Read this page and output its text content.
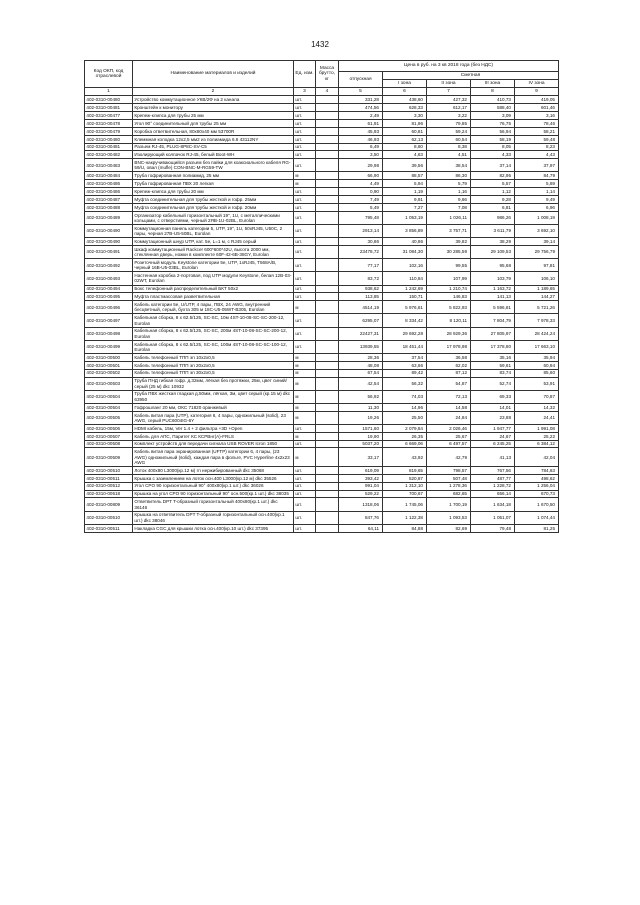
1432
Код ОКП, код отраслевой	Наименование материалов и изделий	Ед. изм.	Масса брутто, кг	Цена в руб. на 3 кв 2018 года (без НДС)				
				отпускная	Сметная			
					I зона	II зона	III зона	IV зона
1	2	3	4	5	6	7	8	9
402-0310-00480	Устройство коммутационное УКВ/2Ф на 2 канала	шт.		331,28	438,60	427,32	410,73	419,05
402-0310-00481	Кронштейн к монитору	шт.		474,56	628,33	612,17	588,40	601,46
402-0310-00477	Крепеж-клипса для трубы 25 мм	шт.		2,49	3,30	3,22	3,09	3,16
402-0310-00478	Угол 90° соединительный для трубы 25 мм	шт.		61,91	81,96	79,85	76,75	78,46
402-0310-00479	Коробка ответвительная, 80х80х40 мм 53700R	шт.		45,93	60,81	59,24	56,94	58,21
402-0310-00480	Клеммная колодка 12х2,5 мм2 из полиамида 6.6 43112NY	шт.		46,93	62,13	60,54	58,19	59,48
402-0310-00481	Разъем RJ-45, PLUG-8P8C-SV-C5	шт.		6,49	8,60	8,38	8,05	8,23
402-0310-00482	Изолирующий колпачок RJ-45, белый Boot-WH	шт.		3,50	4,63	4,51	4,33	4,43
402-0310-00483	BNC-накручивающийся разъем без пайки для коаксиального кабеля RG-59/U, овал (mufle) CON-BNC-M-RG59-TW	шт.		29,98	39,56	38,54	37,14	37,97
402-0310-00484	Труба гофрированная полиамид, 25 мм	м		66,90	88,57	86,30	82,95	84,79
402-0310-00486	Труба гофрированная ПВХ 20 легкая	м		4,49	5,94	5,79	5,57	5,69
402-0310-00486	Крепеж-клипса для трубы 20 мм	шт.		0,90	1,19	1,16	1,12	1,14
402-0310-00487	Муфта соединительная для трубы жесткой и гофр. 25мм	шт.		7,49	9,91	9,66	9,28	9,49
402-0310-00488	Муфта соединительная для трубы жесткой и гофр. 20мм	шт.		5,49	7,27	7,08	6,81	6,96
402-0310-00489	Организатор кабельный горизонтальный 19", 1U, с металлическими кольцами, с отверстиями, черный 2ЯВ-1U-02BL, Eurolan	шт.		795,48	1 053,19	1 026,11	986,26	1 008,19
402-0310-00490	Коммутационная панель категории 5, UTP, 19", 1U, 50xRJ45, U50C, 2 пары, черная 27B-U5-50BL, Eurolan	шт.		2913,14	3 856,89	3 757,71	3 611,79	3 692,10
402-0310-00490	Коммутационный шнур UTP, кат. 5е, L=1 м, с RJ45 серый	шт.		30,86	40,86	39,82	38,29	39,14
402-0310-00491	Шкаф коммутационный Rackcer 600*600*42U, высота 2000 мм, стеклянная дверь, ножки в комплекте 60F-42-6B-38GY, Eurolan	шт.		23478,72	31 084,30	30 285,59	29 109,53	29 756,79
402-0310-00492	Розеточный модуль Keystone категории 5е, UTP, 1xRJ45, T568A/B, черный 16B-U5-03BL, Eurolan	шт.		77,17	102,16	99,55	95,68	97,81
402-0310-00493	Настенная коробка 2-портовая, под UTP модули Keystone, белая 12B-03-02WT, Eurolan	шт.		83,72	110,84	107,99	103,79	106,10
402-0310-00494	Бокс телефонный распределительный БКТ 50х2	шт.		938,62	1 242,69	1 210,74	1 163,72	1 189,65
402-0310-00495	Муфта пластмассовая разветвительная	шт.		113,85	150,71	146,83	141,13	144,27
402-0310-00496	Кабель категории 5е, U/UTP, 4 пары, ПВХ, 24 AWG, внутренний бесцветный, серый, бухта 305 м 18C-U5-05WT-B305, Eurolan	м		4514,19	5 976,61	5 822,93	5 596,81	5 721,26
402-0310-00497	Кабельная сборка, 8 х 62.5/125, SC-SC, 10м 4ST-10-08-SC-SC-200-12, Eurolan	шт.		6295,07	8 334,42	8 120,11	7 804,79	7 978,33
402-0310-00498	Кабельная сборка, 8 х 62.5/125, SC-SC, 200м 4ST-10-08-SC-SC-200-12, Eurolan	шт.		22427,31	29 692,28	28 929,36	27 805,97	28 424,24
402-0310-00499	Кабельная сборка, 8 х 62.5/125, SC-SC, 100м 4ST-10-08-SC-SC-100-12, Eurolan	шт.		13939,55	18 451,44	17 978,98	17 378,80	17 663,10
402-0310-00500	Кабель телефонный ТПП эп 10х2х0,5	м		28,36	37,54	36,58	35,16	35,94
402-0310-00501	Кабель телефонный ТПП эп 20х2х0,5	м		48,08	63,66	62,02	59,61	60,94
402-0310-00502	Кабель телефонный ТПП эп 30х2х0,5	м		67,54	89,42	87,12	83,74	85,60
402-0310-00503	Труба ПНД гибкая гофр. д.32мм, лёгкая без протяжки, 25м, цвет синий/ серый (25 м) dkc 10932	м		42,54	56,32	54,87	52,74	53,91
402-0310-00504	Труба ПВХ жесткая гладкая д.50мм, лёгкая, 3м, цвет серый (кр.15 м) dkc 63950	м		56,92	74,03	72,13	69,33	70,87
402-0310-00504	Гофрошланг 20 мм, ОКС 71820 оранжевый	м		11,30	14,96	14,58	14,01	14,32
402-0310-00505	Кабель витая пара (UTP), категория 6, 4 пары, одножильный (solid), 23 AWG, серый PUC6004IG-6Y	м		19,26	25,50	24,84	23,88	24,41
402-0310-00506	HDMI кабель, 15м, Ver 1.4 + 2 фильтра +3D +Open	шт.		1571,60	2 079,84	2 026,46	1 947,77	1 991,08
402-0310-00507	Кабель для АПС, Паритет КС КСРВнг(А)-FRLS	м		19,90	26,35	25,67	24,67	25,22
402-0310-00508	Комплект устройств для передачи сигнала USB ROVER Icron 1850	шт.		5037,20	6 669,06	6 497,57	6 245,25	6 384,12
402-0310-00509	Кабель витая пара экранированная (UFTP) категории 6, 4 пары, (23 AWG) одножильный (solid), каждая пара в фольге, PVC Hyperline 4x2x23 AWG	м		33,17	43,92	42,79	41,13	42,04
402-0310-00510	Лоток 400х80 L3000(кр.12 м) гп нержибированный dkc 35068	шт.		619,09	819,65	798,57	767,56	784,63
402-0310-00511	Крышка с заземлением на лоток осн.400 L3000(кр.12 м) dkc 35526	шт.		393,42	520,87	507,48	487,77	498,62
402-0310-00512	Угол CPO 90 горизонтальный 90° 400х80(кр.1 шт.) dkc 36026	шт.		991,04	1 312,10	1 278,36	1 228,72	1 256,04
402-0310-00518	Крышка на угол CPO 90 горизонтальный 90° осн.500(кр.1 шт.) dkc 38035	шт.		529,22	700,67	682,65	656,14	670,73
402-0310-00809	Ответвитель DPT T-образный горизонтальный 400х80(кр.1 шт.) dkc 36146	шт.		1318,06	1 745,06	1 700,19	1 634,18	1 670,50
402-0310-00510	Крышка на ответвитель DPT T-образный горизонтальный осн.400(кр.1 шт.) dkc 38046	шт.		847,76	1 122,38	1 093,53	1 051,07	1 074,44
402-0310-00511	Накладка CGC для крышки лотка осн.400(кр.10 шт.) dkc 37395	шт.		64,11	84,88	82,69	79,48	81,25
